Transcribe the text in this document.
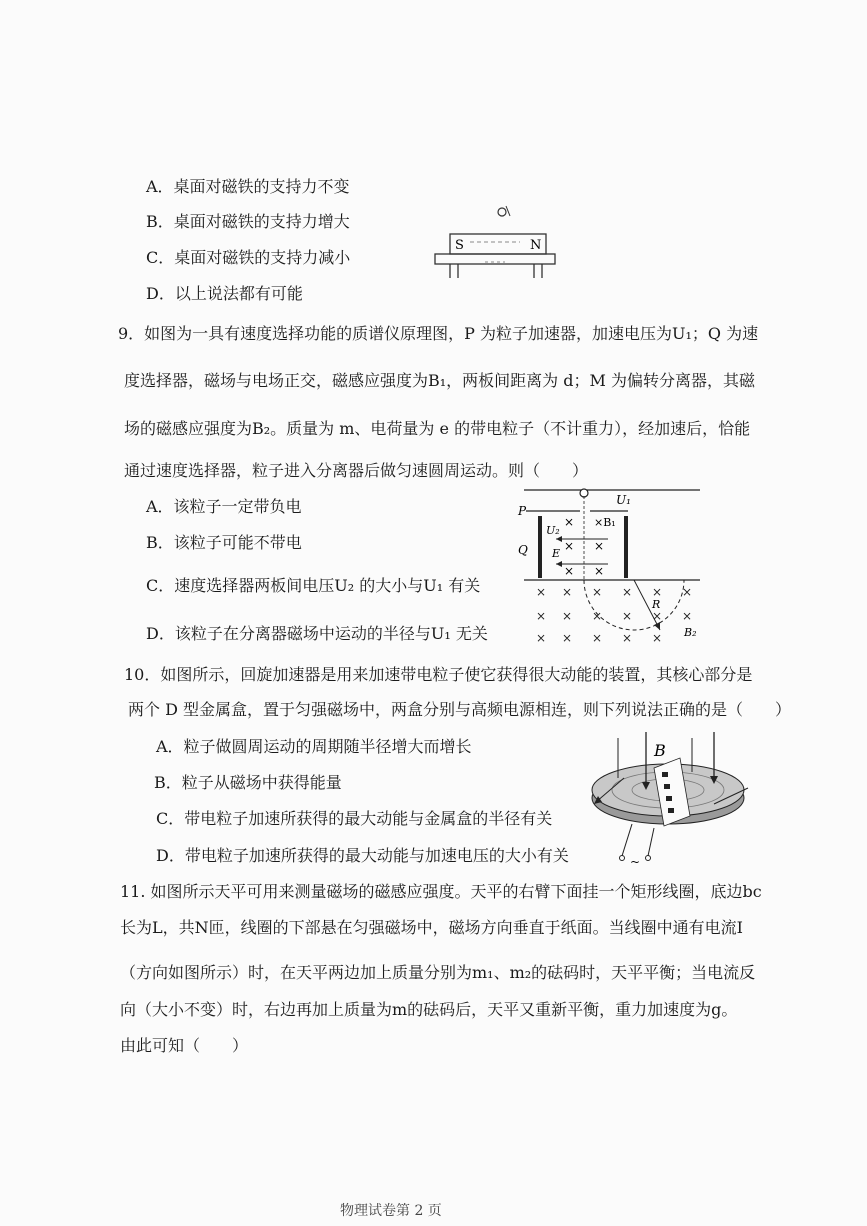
A．桌面对磁铁的支持力不变
B．桌面对磁铁的支持力增大
C．桌面对磁铁的支持力减小
D．以上说法都有可能
S	N
9．如图为一具有速度选择功能的质谱仪原理图，P 为粒子加速器，加速电压为U₁；Q 为速
度选择器，磁场与电场正交，磁感应强度为B₁，两板间距离为 d；M 为偏转分离器，其磁
场的磁感应强度为B₂。质量为 m、电荷量为 e 的带电粒子（不计重力），经加速后，恰能
通过速度选择器，粒子进入分离器后做匀速圆周运动。则（　　）
A．该粒子一定带负电
B．该粒子可能不带电
C．速度选择器两板间电压U₂ 的大小与U₁ 有关
D．该粒子在分离器磁场中运动的半径与U₁ 无关
U₁
P
Q
U₂
×B₁
×
× ×
× ×
E
R
B₂
× × × × × ×
× × × × × ×
× × × × ×
10．如图所示，回旋加速器是用来加速带电粒子使它获得很大动能的装置，其核心部分是
两个 D 型金属盒，置于匀强磁场中，两盒分别与高频电源相连，则下列说法正确的是（　　）
A．粒子做圆周运动的周期随半径增大而增长
B．粒子从磁场中获得能量
C．带电粒子加速所获得的最大动能与金属盒的半径有关
D．带电粒子加速所获得的最大动能与加速电压的大小有关
B
~
11. 如图所示天平可用来测量磁场的磁感应强度。天平的右臂下面挂一个矩形线圈，底边bc
长为L，共N匝，线圈的下部悬在匀强磁场中，磁场方向垂直于纸面。当线圈中通有电流I
（方向如图所示）时，在天平两边加上质量分别为m₁、m₂的砝码时，天平平衡；当电流反
向（大小不变）时，右边再加上质量为m的砝码后，天平又重新平衡，重力加速度为g。
由此可知（　　）
物理试卷第 2 页
